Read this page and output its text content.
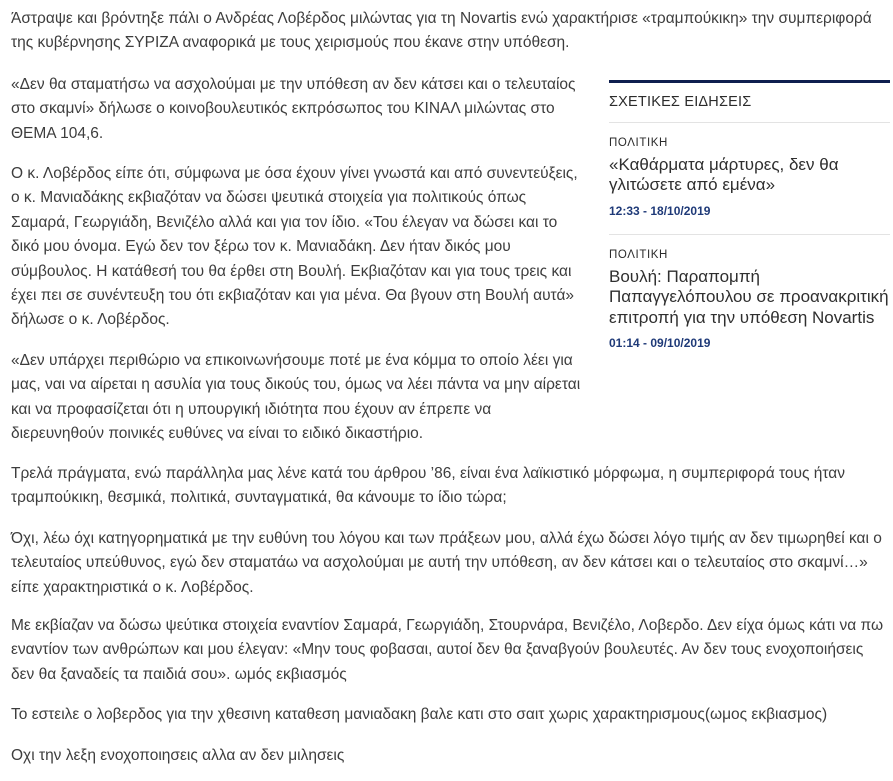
Άστραψε και βρόντηξε πάλι ο Ανδρέας Λοβέρδος μιλώντας για τη Novartis ενώ χαρακτήρισε «τραμπούκικη» την συμπεριφορά της κυβέρνησης ΣΥΡΙΖΑ αναφορικά με τους χειρισμούς που έκανε στην υπόθεση.

«Δεν θα σταματήσω να ασχολούμαι με την υπόθεση αν δεν κάτσει και ο τελευταίος στο σκαμνί» δήλωσε ο κοινοβουλευτικός εκπρόσωπος του ΚΙΝΑΛ μιλώντας στο ΘΕΜΑ 104,6.

Ο κ. Λοβέρδος είπε ότι, σύμφωνα με όσα έχουν γίνει γνωστά και από συνεντεύξεις, ο κ. Μανιαδάκης εκβιαζόταν να δώσει ψευτικά στοιχεία για πολιτικούς όπως Σαμαρά, Γεωργιάδη, Βενιζέλο αλλά και για τον ίδιο. «Του έλεγαν να δώσει και το δικό μου όνομα. Εγώ δεν τον ξέρω τον κ. Μανιαδάκη. Δεν ήταν δικός μου σύμβουλος. Η κατάθεσή του θα έρθει στη Βουλή. Εκβιαζόταν και για τους τρεις και έχει πει σε συνέντευξη του ότι εκβιαζόταν και για μένα. Θα βγουν στη Βουλή αυτά» δήλωσε ο κ. Λοβέρδος.

«Δεν υπάρχει περιθώριο να επικοινωνήσουμε ποτέ με ένα κόμμα το οποίο λέει για μας, ναι να αίρεται η ασυλία για τους δικούς του, όμως να λέει πάντα να μην αίρεται και να προφασίζεται ότι η υπουργική ιδιότητα που έχουν αν έπρεπε να διερευνηθούν ποινικές ευθύνες να είναι το ειδικό δικαστήριο.

Τρελά πράγματα, ενώ παράλληλα μας λένε κατά του άρθρου ’86, είναι ένα λαϊκιστικό μόρφωμα, η συμπεριφορά τους ήταν τραμπούκικη, θεσμικά, πολιτικά, συνταγματικά, θα κάνουμε το ίδιο τώρα;

Όχι, λέω όχι κατηγορηματικά με την ευθύνη του λόγου και των πράξεων μου, αλλά έχω δώσει λόγο τιμής αν δεν τιμωρηθεί και ο τελευταίος υπεύθυνος, εγώ δεν σταματάω να ασχολούμαι με αυτή την υπόθεση, αν δεν κάτσει και ο τελευταίος στο σκαμνί…» είπε χαρακτηριστικά ο κ. Λοβέρδος.

Με εκβίαζαν να δώσω ψεύτικα στοιχεία εναντίον Σαμαρά, Γεωργιάδη, Στουρνάρα, Βενιζέλο, Λοβερδο. Δεν είχα όμως κάτι να πω εναντίον των ανθρώπων και μου έλεγαν: «Μην τους φοβασαι, αυτοί δεν θα ξαναβγούν βουλευτές. Αν δεν τους ενοχοποιήσεις δεν θα ξαναδείς τα παιδιά σου». ωμός εκβιασμός

Το εστειλε ο λοβερδος για την χθεσινη καταθεση μανιαδακη βαλε κατι στο σαιτ χωρις χαρακτηρισμους(ωμος εκβιασμος)

Οχι την λεξη ενοχοποιησεις αλλα αν δεν μιλησεις

ΣΧΕΤΙΚΕΣ ΕΙΔΗΣΕΙΣ
ΠΟΛΙΤΙΚΗ
«Καθάρματα μάρτυρες, δεν θα γλιτώσετε από εμένα»
12:33 - 18/10/2019
ΠΟΛΙΤΙΚΗ
Βουλή: Παραπομπή Παπαγγελόπουλου σε προανακριτική επιτροπή για την υπόθεση Novartis
01:14 - 09/10/2019
